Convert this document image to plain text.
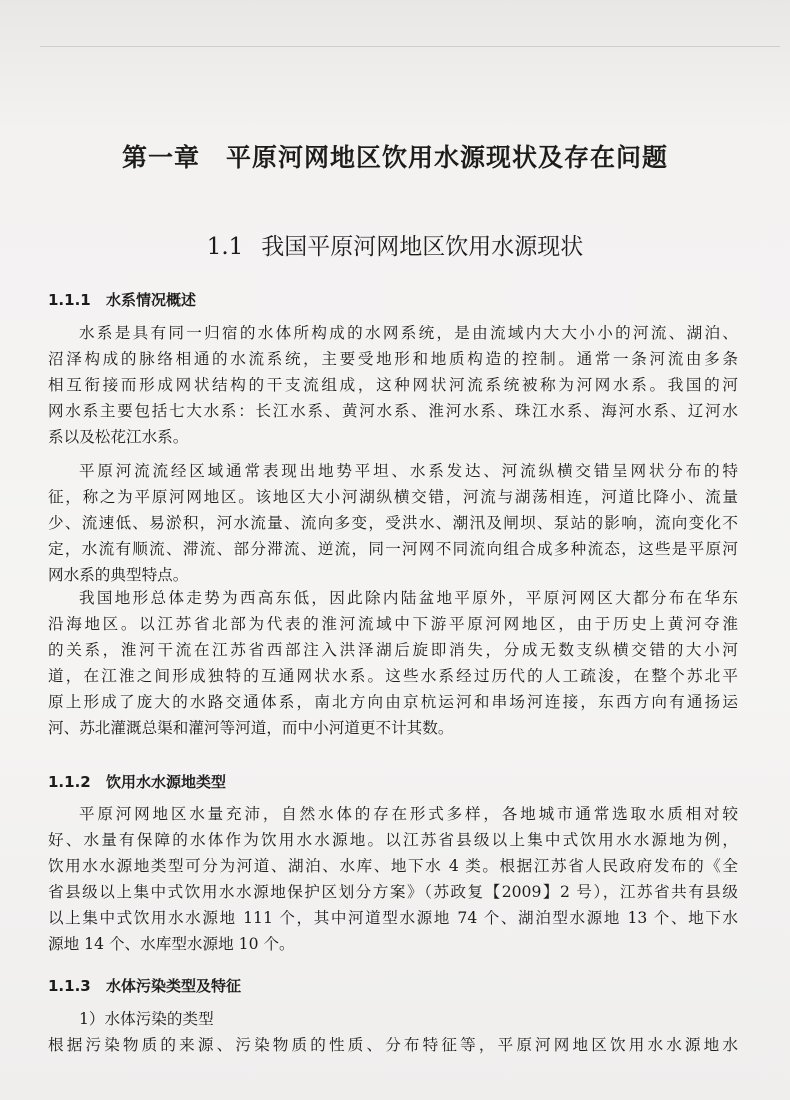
第一章 平原河网地区饮用水源现状及存在问题
1.1 我国平原河网地区饮用水源现状
1.1.1 水系情况概述
水系是具有同一归宿的水体所构成的水网系统，是由流域内大大小小的河流、湖泊、
沼泽构成的脉络相通的水流系统，主要受地形和地质构造的控制。通常一条河流由多条
相互衔接而形成网状结构的干支流组成，这种网状河流系统被称为河网水系。我国的河
网水系主要包括七大水系：长江水系、黄河水系、淮河水系、珠江水系、海河水系、辽河水
系以及松花江水系。
平原河流流经区域通常表现出地势平坦、水系发达、河流纵横交错呈网状分布的特
征，称之为平原河网地区。该地区大小河湖纵横交错，河流与湖荡相连，河道比降小、流量
少、流速低、易淤积，河水流量、流向多变，受洪水、潮汛及闸坝、泵站的影响，流向变化不
定，水流有顺流、滞流、部分滞流、逆流，同一河网不同流向组合成多种流态，这些是平原河
网水系的典型特点。
我国地形总体走势为西高东低，因此除内陆盆地平原外，平原河网区大都分布在华东
沿海地区。以江苏省北部为代表的淮河流域中下游平原河网地区，由于历史上黄河夺淮
的关系，淮河干流在江苏省西部注入洪泽湖后旋即消失，分成无数支纵横交错的大小河
道，在江淮之间形成独特的互通网状水系。这些水系经过历代的人工疏浚，在整个苏北平
原上形成了庞大的水路交通体系，南北方向由京杭运河和串场河连接，东西方向有通扬运
河、苏北灌溉总渠和灌河等河道，而中小河道更不计其数。
1.1.2 饮用水水源地类型
平原河网地区水量充沛，自然水体的存在形式多样，各地城市通常选取水质相对较
好、水量有保障的水体作为饮用水水源地。以江苏省县级以上集中式饮用水水源地为例，
饮用水水源地类型可分为河道、湖泊、水库、地下水 4 类。根据江苏省人民政府发布的《全
省县级以上集中式饮用水水源地保护区划分方案》（苏政复【2009】2 号），江苏省共有县级
以上集中式饮用水水源地 111 个，其中河道型水源地 74 个、湖泊型水源地 13 个、地下水
源地 14 个、水库型水源地 10 个。
1.1.3 水体污染类型及特征
1）水体污染的类型
根据污染物质的来源、污染物质的性质、分布特征等，平原河网地区饮用水水源地水
